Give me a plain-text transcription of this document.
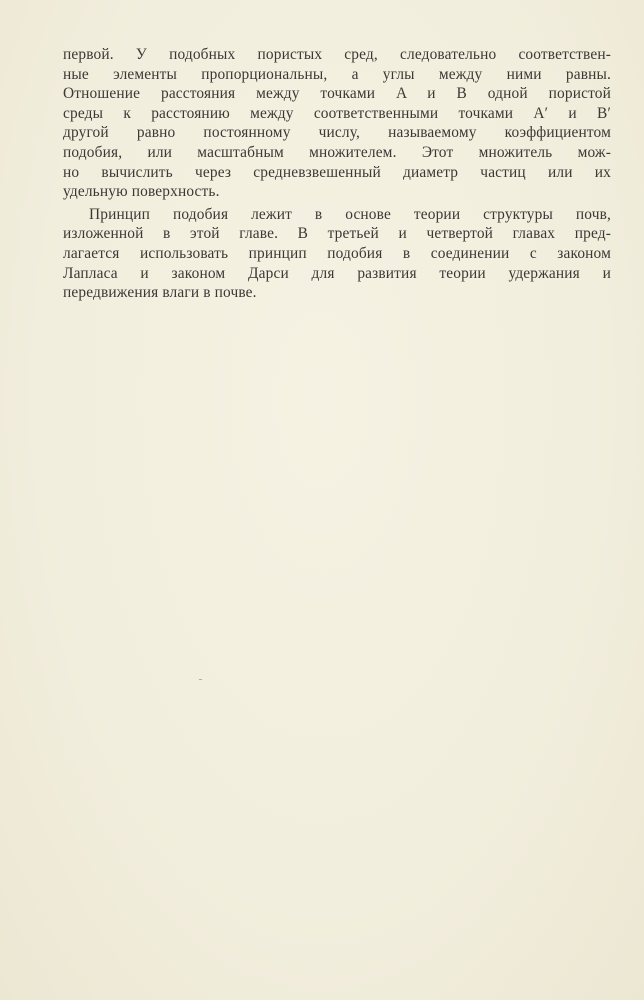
первой. У подобных пористых сред, следовательно соответствен-
ные элементы пропорциональны, а углы между ними равны.
Отношение расстояния между точками A и B одной пористой
среды к расстоянию между соответственными точками A′ и B′
другой равно постоянному числу, называемому коэффициентом
подобия, или масштабным множителем. Этот множитель мож-
но вычислить через средневзвешенный диаметр частиц или их
удельную поверхность.
Принцип подобия лежит в основе теории структуры почв,
изложенной в этой главе. В третьей и четвертой главах пред-
лагается использовать принцип подобия в соединении с законом
Лапласа и законом Дарси для развития теории удержания и
передвижения влаги в почве.
